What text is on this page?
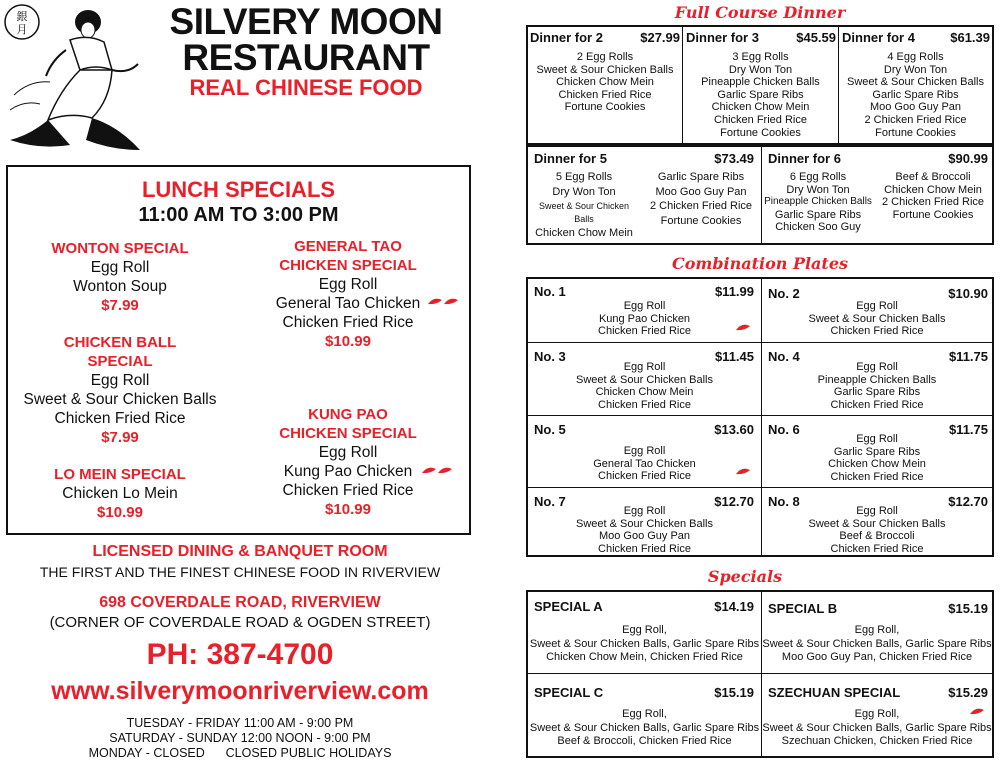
銀
月	SILVERY MOON
RESTAURANT
REAL CHINESE FOOD
LUNCH SPECIALS
11:00 AM TO 3:00 PM
WONTON SPECIAL
Egg Roll
Wonton Soup
$7.99
CHICKEN BALL
SPECIAL
Egg Roll
Sweet & Sour Chicken Balls
Chicken Fried Rice
$7.99
LO MEIN SPECIAL
Chicken Lo Mein
$10.99
GENERAL TAO
CHICKEN SPECIAL
Egg Roll
General Tao Chicken
Chicken Fried Rice
$10.99
KUNG PAO
CHICKEN SPECIAL
Egg Roll
Kung Pao Chicken
Chicken Fried Rice
$10.99
LICENSED DINING & BANQUET ROOM
THE FIRST AND THE FINEST CHINESE FOOD IN RIVERVIEW
698 COVERDALE ROAD, RIVERVIEW
(CORNER OF COVERDALE ROAD & OGDEN STREET)
PH: 387-4700
www.silverymoonriverview.com
TUESDAY - FRIDAY 11:00 AM - 9:00 PM
SATURDAY - SUNDAY 12:00 NOON - 9:00 PM
MONDAY - CLOSED      CLOSED PUBLIC HOLIDAYS
Full Course Dinner
Dinner for 2	$27.99
2 Egg Rolls
Sweet & Sour Chicken Balls
Chicken Chow Mein
Chicken Fried Rice
Fortune Cookies
Dinner for 3	$45.59
3 Egg Rolls
Dry Won Ton
Pineapple Chicken Balls
Garlic Spare Ribs
Chicken Chow Mein
Chicken Fried Rice
Fortune Cookies
Dinner for 4	$61.39
4 Egg Rolls
Dry Won Ton
Sweet & Sour Chicken Balls
Garlic Spare Ribs
Moo Goo Guy Pan
2 Chicken Fried Rice
Fortune Cookies
Dinner for 5	$73.49
5 Egg Rolls
Dry Won Ton
Sweet & Sour Chicken Balls
Chicken Chow Mein
Garlic Spare Ribs
Moo Goo Guy Pan
2 Chicken Fried Rice
Fortune Cookies
Dinner for 6	$90.99
6 Egg Rolls
Dry Won Ton
Pineapple Chicken Balls
Garlic Spare Ribs
Chicken Soo Guy
Beef & Broccoli
Chicken Chow Mein
2 Chicken Fried Rice
Fortune Cookies
Combination Plates
No. 1	$11.99
Egg Roll
Kung Pao Chicken
Chicken Fried Rice
No. 2	$10.90
Egg Roll
Sweet & Sour Chicken Balls
Chicken Fried Rice
No. 3	$11.45
Egg Roll
Sweet & Sour Chicken Balls
Chicken Chow Mein
Chicken Fried Rice
No. 4	$11.75
Egg Roll
Pineapple Chicken Balls
Garlic Spare Ribs
Chicken Fried Rice
No. 5	$13.60
Egg Roll
General Tao Chicken
Chicken Fried Rice
No. 6	$11.75
Egg Roll
Garlic Spare Ribs
Chicken Chow Mein
Chicken Fried Rice
No. 7	$12.70
Egg Roll
Sweet & Sour Chicken Balls
Moo Goo Guy Pan
Chicken Fried Rice
No. 8	$12.70
Egg Roll
Sweet & Sour Chicken Balls
Beef & Broccoli
Chicken Fried Rice
Specials
SPECIAL A	$14.19
Egg Roll,
Sweet & Sour Chicken Balls, Garlic Spare Ribs
Chicken Chow Mein, Chicken Fried Rice
SPECIAL B	$15.19
Egg Roll,
Sweet & Sour Chicken Balls, Garlic Spare Ribs
Moo Goo Guy Pan, Chicken Fried Rice
SPECIAL C	$15.19
Egg Roll,
Sweet & Sour Chicken Balls, Garlic Spare Ribs
Beef & Broccoli, Chicken Fried Rice
SZECHUAN SPECIAL	$15.29
Egg Roll,
Sweet & Sour Chicken Balls, Garlic Spare Ribs
Szechuan Chicken, Chicken Fried Rice
